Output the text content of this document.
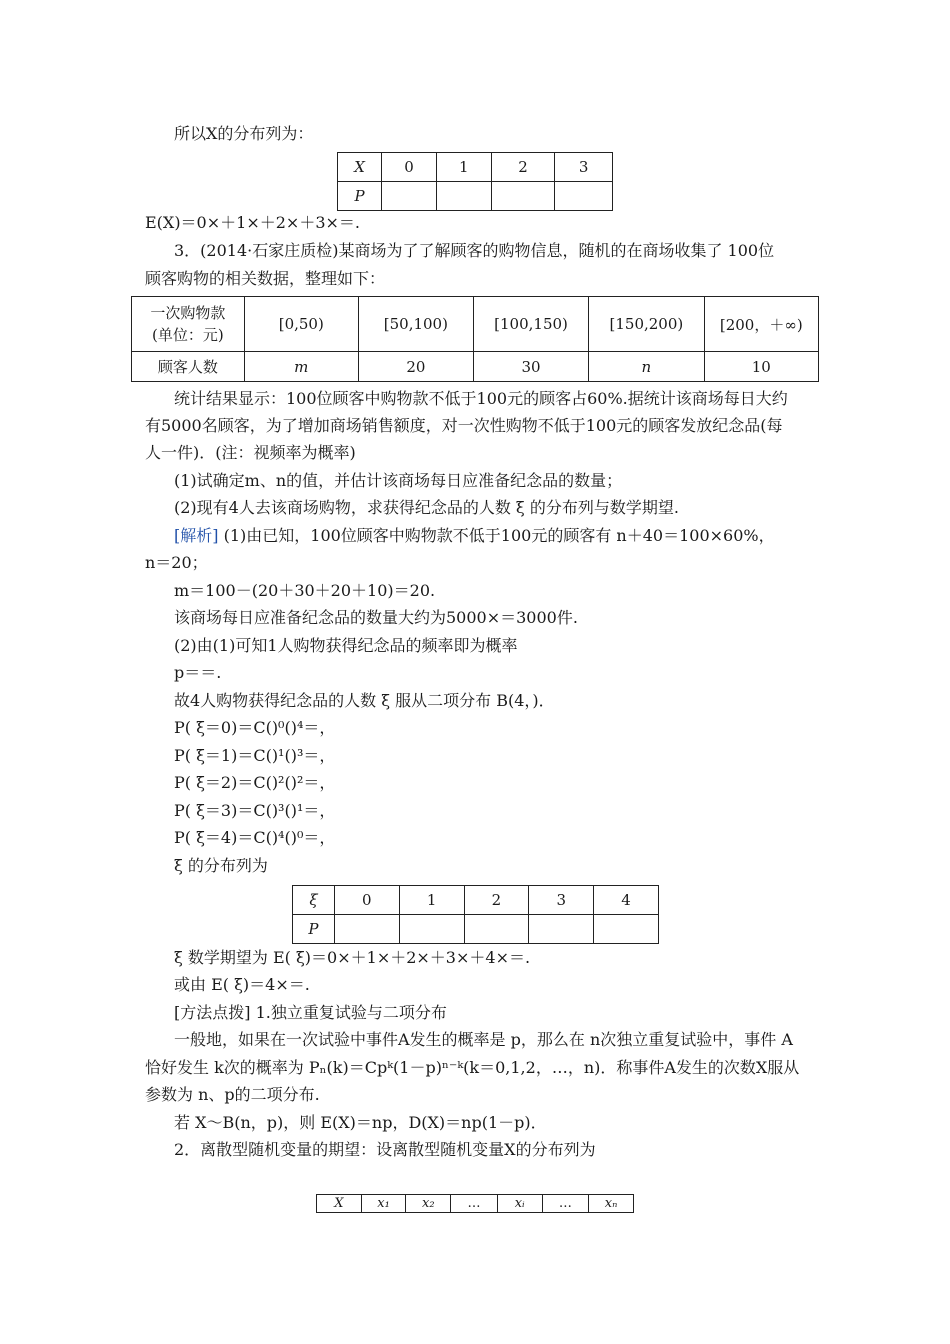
所以X的分布列为：
X	0	1	2	3
P				
E(X)＝0×＋1×＋2×＋3×＝.
3．(2014·石家庄质检)某商场为了了解顾客的购物信息，随机的在商场收集了 100位
顾客购物的相关数据，整理如下：
一次购物款
(单位：元)	[0,50)	[50,100)	[100,150)	[150,200)	[200，＋∞)
顾客人数	m	20	30	n	10
统计结果显示：100位顾客中购物款不低于100元的顾客占60%.据统计该商场每日大约
有5000名顾客，为了增加商场销售额度，对一次性购物不低于100元的顾客发放纪念品(每
人一件)．(注：视频率为概率)
(1)试确定m、n的值，并估计该商场每日应准备纪念品的数量；
(2)现有4人去该商场购物，求获得纪念品的人数 ξ 的分布列与数学期望.
[解析] (1)由已知，100位顾客中购物款不低于100元的顾客有 n＋40＝100×60%，
n＝20；
m＝100－(20＋30＋20＋10)＝20.
该商场每日应准备纪念品的数量大约为5000×＝3000件.
(2)由(1)可知1人购物获得纪念品的频率即为概率
p＝＝.
故4人购物获得纪念品的人数 ξ 服从二项分布 B(4，)．
P( ξ＝0)＝C()⁰()⁴＝，
P( ξ＝1)＝C()¹()³＝，
P( ξ＝2)＝C()²()²＝，
P( ξ＝3)＝C()³()¹＝，
P( ξ＝4)＝C()⁴()⁰＝，
ξ 的分布列为
ξ	0	1	2	3	4
P					
ξ 数学期望为 E( ξ)＝0×＋1×＋2×＋3×＋4×＝.
或由 E( ξ)＝4×＝.
[方法点拨] 1.独立重复试验与二项分布
一般地，如果在一次试验中事件A发生的概率是 p，那么在 n次独立重复试验中，事件 A
恰好发生 k次的概率为 Pₙ(k)＝Cpᵏ(1－p)ⁿ⁻ᵏ(k＝0,1,2，…，n)．称事件A发生的次数X服从
参数为 n、p的二项分布.
若 X～B(n，p)，则 E(X)＝np，D(X)＝np(1－p)．
2．离散型随机变量的期望：设离散型随机变量X的分布列为
X	x₁	x₂	…	xᵢ	…	xₙ
